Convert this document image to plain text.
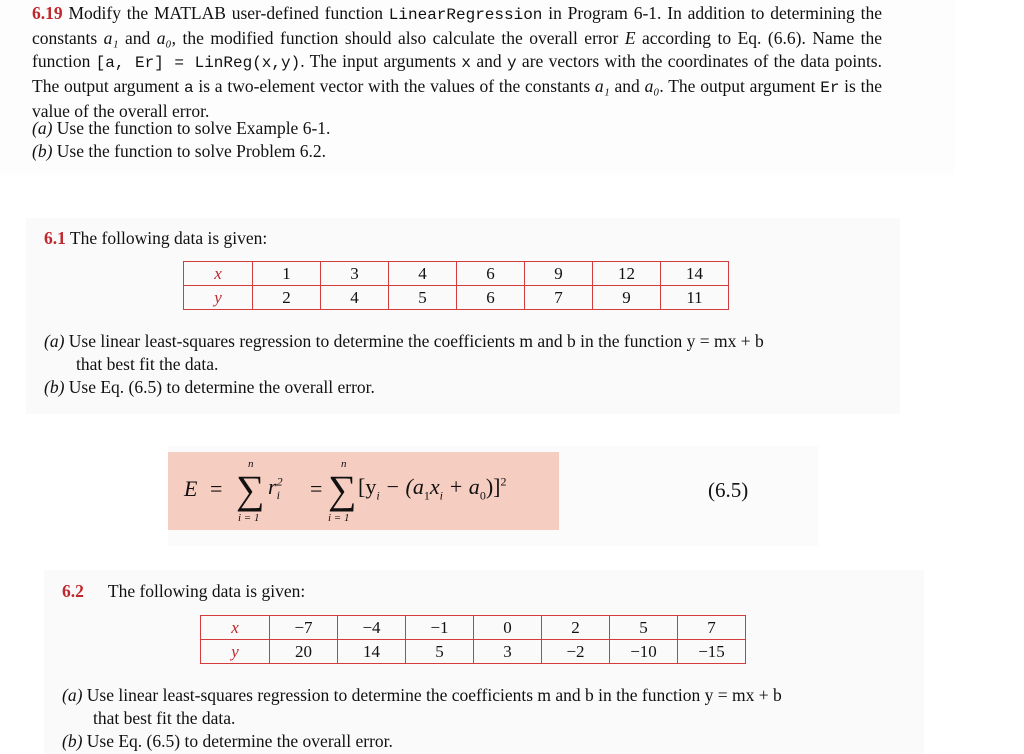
6.19 Modify the MATLAB user-defined function LinearRegression in Program 6-1. In addition to determining the constants a₁ and a₀, the modified function should also calculate the overall error E according to Eq. (6.6). Name the function [a, Er] = LinReg(x,y). The input arguments x and y are vectors with the coordinates of the data points. The output argument a is a two-element vector with the values of the constants a₁ and a₀. The output argument Er is the value of the overall error.
(a) Use the function to solve Example 6-1.
(b) Use the function to solve Problem 6.2.
6.1 The following data is given:
x	1	3	4	6	9	12	14
y	2	4	5	6	7	9	11
(a) Use linear least-squares regression to determine the coefficients m and b in the function y = mx + b
that best fit the data.
(b) Use Eq. (6.5) to determine the overall error.
E =
n
∑
i = 1
$r^2_i$ =
n
∑
i = 1
$[y_i - (a_1x_i + a_0)]^2$	(6.5)
6.2 The following data is given:
x	−7	−4	−1	0	2	5	7
y	20	14	5	3	−2	−10	−15
(a) Use linear least-squares regression to determine the coefficients m and b in the function y = mx + b
that best fit the data.
(b) Use Eq. (6.5) to determine the overall error.
